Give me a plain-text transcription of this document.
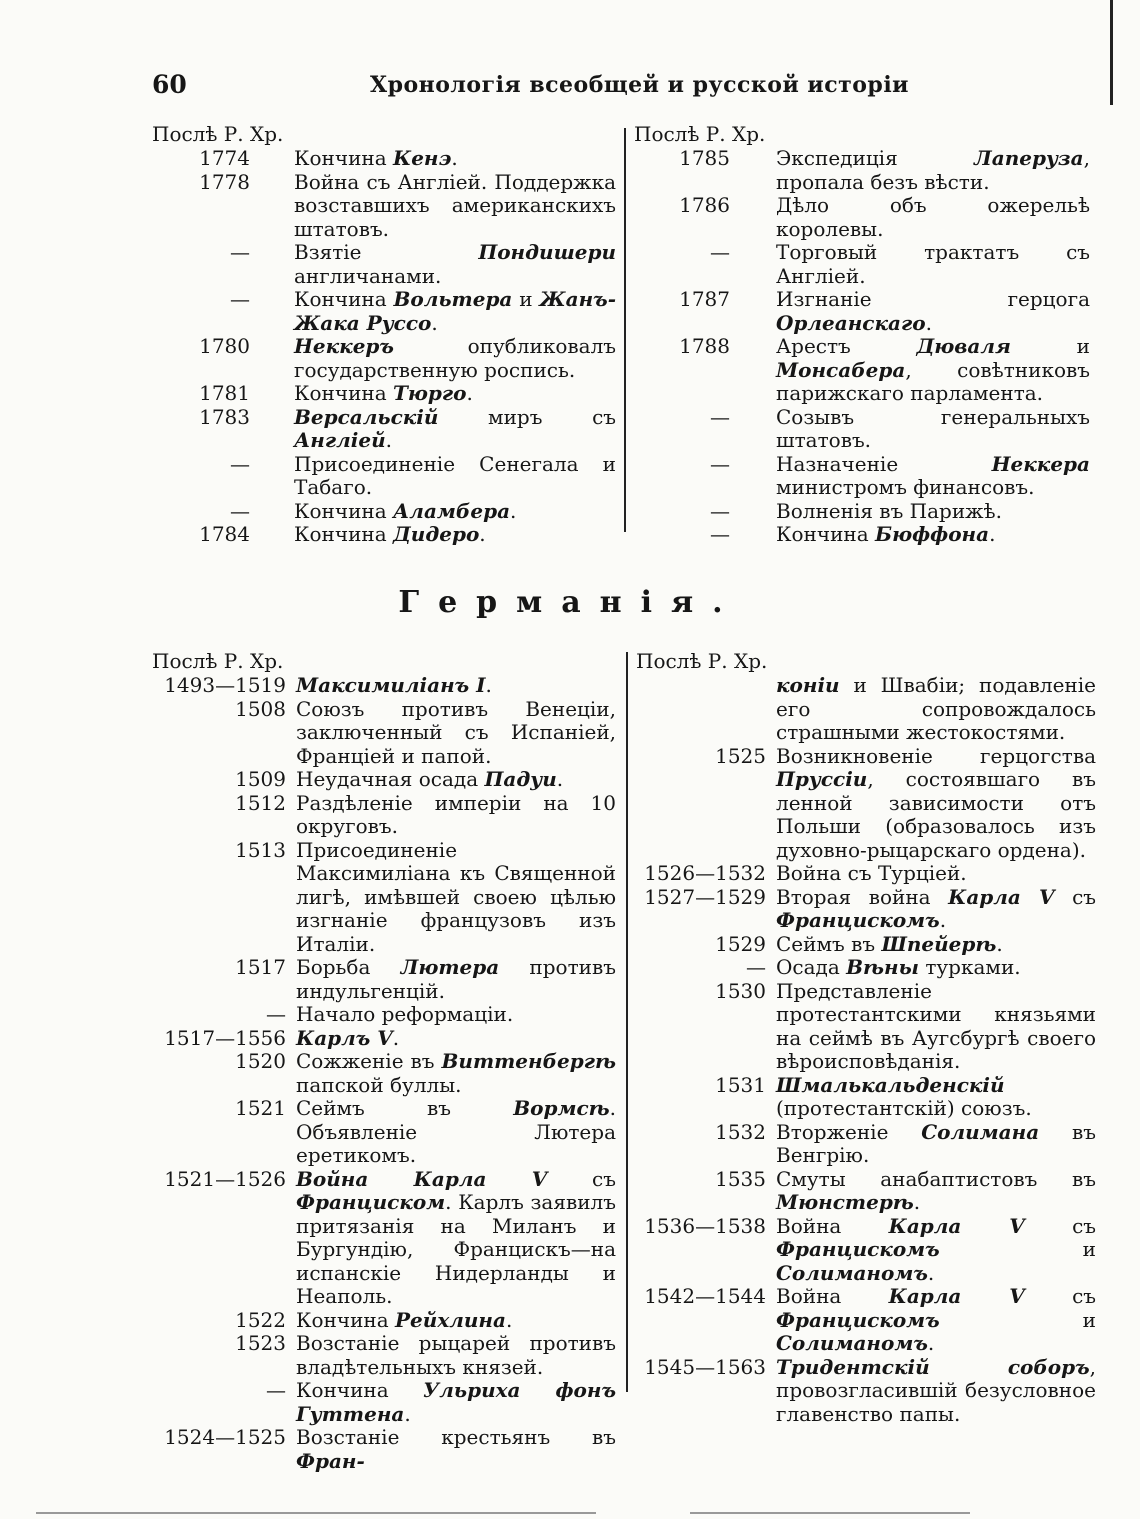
60	Хронологія всеобщей и русской исторіи
Послѣ Р. Хр.
1774 Кончина Кенэ.
1778 Война съ Англіей. Поддержка возставшихъ американскихъ штатовъ.
— Взятіе Пондишери англичанами.
— Кончина Вольтера и Жанъ-Жака Руссо.
1780 Неккеръ опубликовалъ государственную роспись.
1781 Кончина Тюрго.
1783 Версальскій миръ съ Англіей.
— Присоединеніе Сенегала и Табаго.
— Кончина Аламбера.
1784 Кончина Дидеро.
Послѣ Р. Хр.
1785 Экспедиція Лаперуза, пропала безъ вѣсти.
1786 Дѣло объ ожерельѣ королевы.
— Торговый трактатъ съ Англіей.
1787 Изгнаніе герцога Орлеанскаго.
1788 Арестъ Дюваля и Монсабера, совѣтниковъ парижскаго парламента.
— Созывъ генеральныхъ штатовъ.
— Назначеніе Неккера министромъ финансовъ.
— Волненія въ Парижѣ.
— Кончина Бюффона.
Германія.
Послѣ Р. Хр.
1493—1519 Максимиліанъ I.
1508 Союзъ противъ Венеціи, заключенный съ Испаніей, Франціей и папой.
1509 Неудачная осада Падуи.
1512 Раздѣленіе имперіи на 10 округовъ.
1513 Присоединеніе Максимиліана къ Священной лигѣ, имѣвшей своею цѣлью изгнаніе французовъ изъ Италіи.
1517 Борьба Лютера противъ индульгенцій.
— Начало реформаціи.
1517—1556 Карлъ V.
1520 Сожженіе въ Виттенбергѣ папской буллы.
1521 Сеймъ въ Вормсѣ. Объявленіе Лютера еретикомъ.
1521—1526 Война Карла V съ Франциском. Карлъ заявилъ притязанія на Миланъ и Бургундію, Францискъ—на испанскіе Нидерланды и Неаполь.
1522 Кончина Рейхлина.
1523 Возстаніе рыцарей противъ владѣтельныхъ князей.
— Кончина Ульриха фонъ Гуттена.
1524—1525 Возстаніе крестьянъ въ Фран-
Послѣ Р. Хр.
коніи и Швабіи; подавленіе его сопровождалось страшными жестокостями.
1525 Возникновеніе герцогства Пруссіи, состоявшаго въ ленной зависимости отъ Польши (образовалось изъ духовно-рыцарскаго ордена).
1526—1532 Война съ Турціей.
1527—1529 Вторая война Карла V съ Францискомъ.
1529 Сеймъ въ Шпейерѣ.
— Осада Вѣны турками.
1530 Представленіе протестантскими князьями на сеймѣ въ Аугсбургѣ своего вѣроисповѣданія.
1531 Шмалькальденскій (протестантскій) союзъ.
1532 Вторженіе Солимана въ Венгрію.
1535 Смуты анабаптистовъ въ Мюнстерѣ.
1536—1538 Война Карла V съ Францискомъ и Солиманомъ.
1542—1544 Война Карла V съ Францискомъ и Солиманомъ.
1545—1563 Тридентскій соборъ, провозгласившій безусловное главенство папы.
